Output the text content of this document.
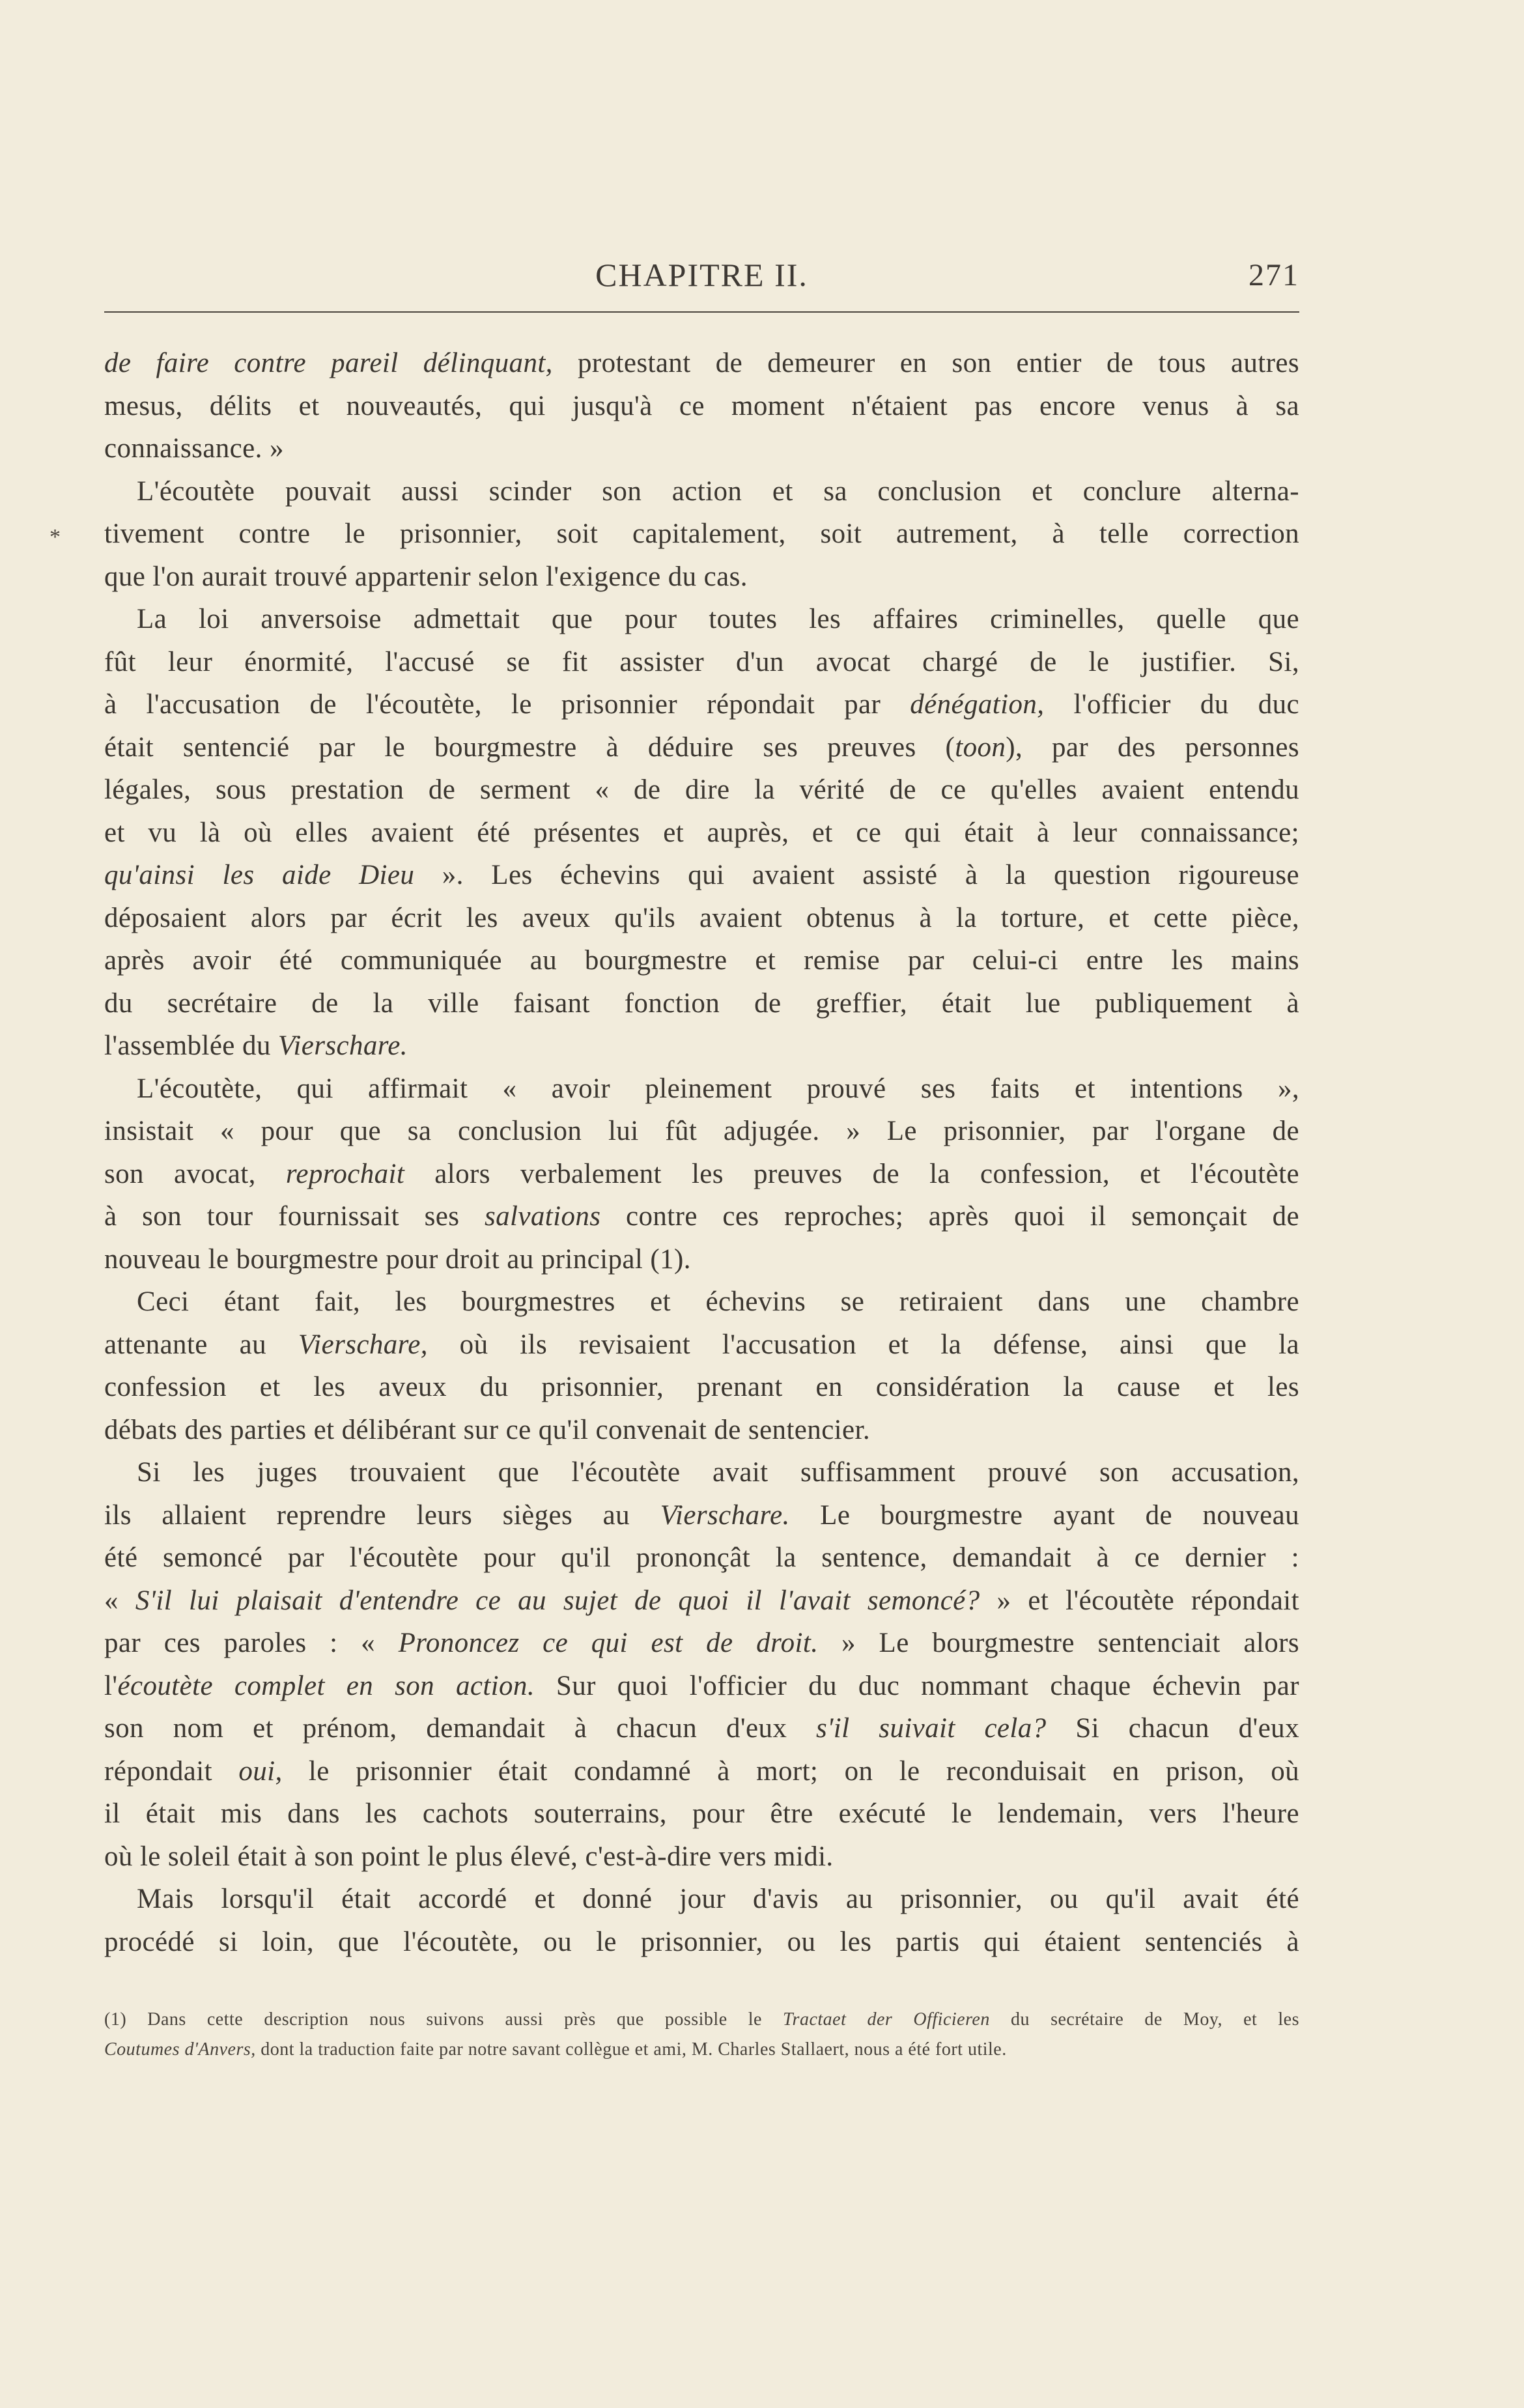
CHAPITRE II.	271
*
de faire contre pareil délinquant, protestant de demeurer en son entier de tous autres
mesus, délits et nouveautés, qui jusqu'à ce moment n'étaient pas encore venus à sa
connaissance. »
L'écoutète pouvait aussi scinder son action et sa conclusion et conclure alterna-
tivement contre le prisonnier, soit capitalement, soit autrement, à telle correction
que l'on aurait trouvé appartenir selon l'exigence du cas.
La loi anversoise admettait que pour toutes les affaires criminelles, quelle que
fût leur énormité, l'accusé se fit assister d'un avocat chargé de le justifier. Si,
à l'accusation de l'écoutète, le prisonnier répondait par dénégation, l'officier du duc
était sentencié par le bourgmestre à déduire ses preuves (toon), par des personnes
légales, sous prestation de serment « de dire la vérité de ce qu'elles avaient entendu
et vu là où elles avaient été présentes et auprès, et ce qui était à leur connaissance;
qu'ainsi les aide Dieu ». Les échevins qui avaient assisté à la question rigoureuse
déposaient alors par écrit les aveux qu'ils avaient obtenus à la torture, et cette pièce,
après avoir été communiquée au bourgmestre et remise par celui-ci entre les mains
du secrétaire de la ville faisant fonction de greffier, était lue publiquement à
l'assemblée du Vierschare.
L'écoutète, qui affirmait « avoir pleinement prouvé ses faits et intentions »,
insistait « pour que sa conclusion lui fût adjugée. » Le prisonnier, par l'organe de
son avocat, reprochait alors verbalement les preuves de la confession, et l'écoutète
à son tour fournissait ses salvations contre ces reproches; après quoi il semonçait de
nouveau le bourgmestre pour droit au principal (1).
Ceci étant fait, les bourgmestres et échevins se retiraient dans une chambre
attenante au Vierschare, où ils revisaient l'accusation et la défense, ainsi que la
confession et les aveux du prisonnier, prenant en considération la cause et les
débats des parties et délibérant sur ce qu'il convenait de sentencier.
Si les juges trouvaient que l'écoutète avait suffisamment prouvé son accusation,
ils allaient reprendre leurs sièges au Vierschare. Le bourgmestre ayant de nouveau
été semoncé par l'écoutète pour qu'il prononçât la sentence, demandait à ce dernier :
« S'il lui plaisait d'entendre ce au sujet de quoi il l'avait semoncé? » et l'écoutète répondait
par ces paroles : « Prononcez ce qui est de droit. » Le bourgmestre sentenciait alors
l'écoutète complet en son action. Sur quoi l'officier du duc nommant chaque échevin par
son nom et prénom, demandait à chacun d'eux s'il suivait cela? Si chacun d'eux
répondait oui, le prisonnier était condamné à mort; on le reconduisait en prison, où
il était mis dans les cachots souterrains, pour être exécuté le lendemain, vers l'heure
où le soleil était à son point le plus élevé, c'est-à-dire vers midi.
Mais lorsqu'il était accordé et donné jour d'avis au prisonnier, ou qu'il avait été
procédé si loin, que l'écoutète, ou le prisonnier, ou les partis qui étaient sentenciés à
(1) Dans cette description nous suivons aussi près que possible le Tractaet der Officieren du secrétaire de Moy, et les
Coutumes d'Anvers, dont la traduction faite par notre savant collègue et ami, M. Charles Stallaert, nous a été fort utile.
